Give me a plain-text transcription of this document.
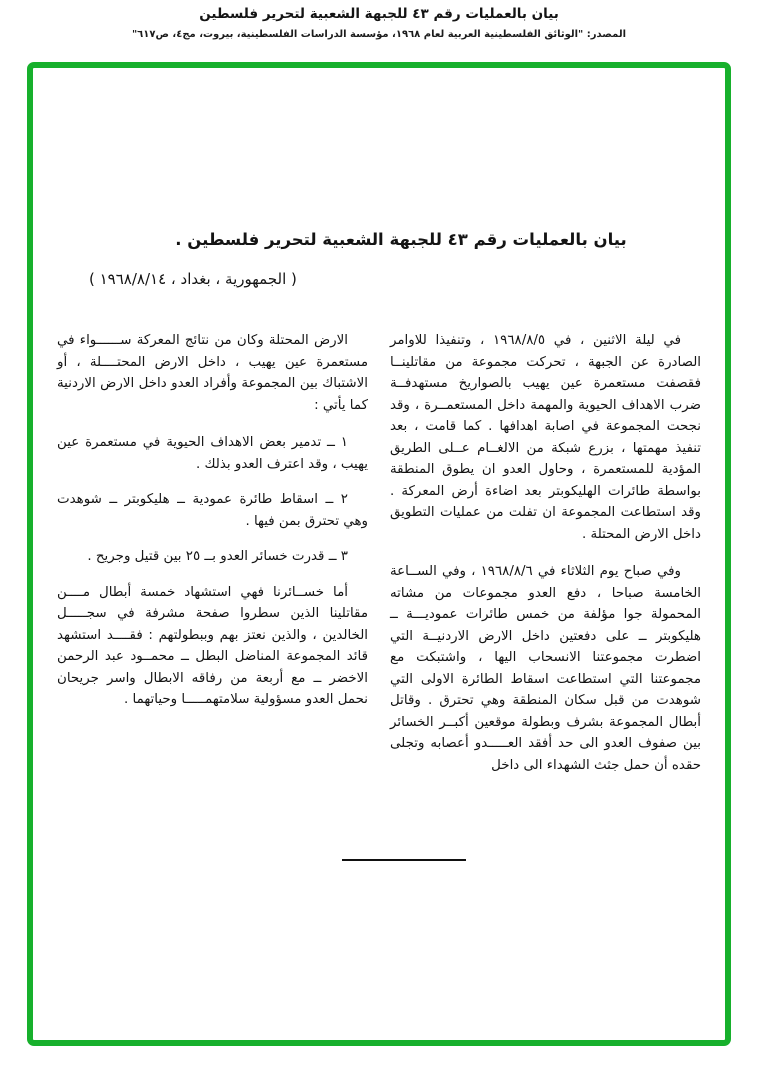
بيان بالعمليات رقم ٤٣ للجبهة الشعبية لتحرير فلسطين
المصدر: "الوثائق الفلسطينية العربية لعام ١٩٦٨، مؤسسة الدراسات الفلسطينية، بيروت، مج٤، ص٦١٧"
بيان بالعمليات رقم ٤٣ للجبهة الشعبية لتحرير فلسطين .
( الجمهورية ، بغداد ، ١٩٦٨/٨/١٤ )

في ليلة الاثنين ، في ١٩٦٨/٨/٥ ، وتنفيذا للاوامر الصادرة عن الجبهة ، تحركت مجموعة من مقاتلينــا فقصفت مستعمرة عين يهيب بالصواريخ مستهدفــة ضرب الاهداف الحيوية والمهمة داخل المستعمــرة ، وقد نجحت المجموعة في اصابة اهدافها . كما قامت ، بعد تنفيذ مهمتها ، بزرع شبكة من الالغــام عــلى الطريق المؤدية للمستعمرة ، وحاول العدو ان يطوق المنطقة بواسطة طائرات الهليكوبتر بعد اضاءة أرض المعركة . وقد استطاعت المجموعة ان تفلت من عمليات التطويق داخل الارض المحتلة .

وفي صباح يوم الثلاثاء في ١٩٦٨/٨/٦ ، وفي الســاعة الخامسة صباحا ، دفع العدو مجموعات من مشاته المحمولة جوا مؤلفة من خمس طائرات عموديـــة ــ هليكوبتر ــ على دفعتين داخل الارض الاردنيــة التي اضطرت مجموعتنا الانسحاب اليها ، واشتبكت مع مجموعتنا التي استطاعت اسقاط الطائرة الاولى التي شوهدت من قبل سكان المنطقة وهي تحترق . وقاتل أبطال المجموعة بشرف وبطولة موقعين أكبــر الخسائر بين صفوف العدو الى حد أفقد العـــــدو أعصابه وتجلى حقده أن حمل جثث الشهداء الى داخل

الارض المحتلة وكان من نتائج المعركة ســــــواء في مستعمرة عين يهيب ، داخل الارض المحتــــلة ، أو الاشتباك بين المجموعة وأفراد العدو داخل الارض الاردنية كما يأتي :

١ ــ تدمير بعض الاهداف الحيوية في مستعمرة عين يهيب ، وقد اعترف العدو بذلك .

٢ ــ اسقاط طائرة عمودية ــ هليكوبتر ــ شوهدت وهي تحترق بمن فيها .

٣ ــ قدرت خسائر العدو بــ ٢٥ بين قتيل وجريح .

أما خســائرنا فهي استشهاد خمسة أبطال مــــن مقاتلينا الذين سطروا صفحة مشرفة في سجـــــل الخالدين ، والذين نعتز بهم وببطولتهم : فقــــد استشهد قائد المجموعة المناضل البطل ــ محمــود عبد الرحمن الاخضر ــ مع أربعة من رفاقه الابطال واسر جريحان نحمل العدو مسؤولية سلامتهمـــــا وحياتهما .
